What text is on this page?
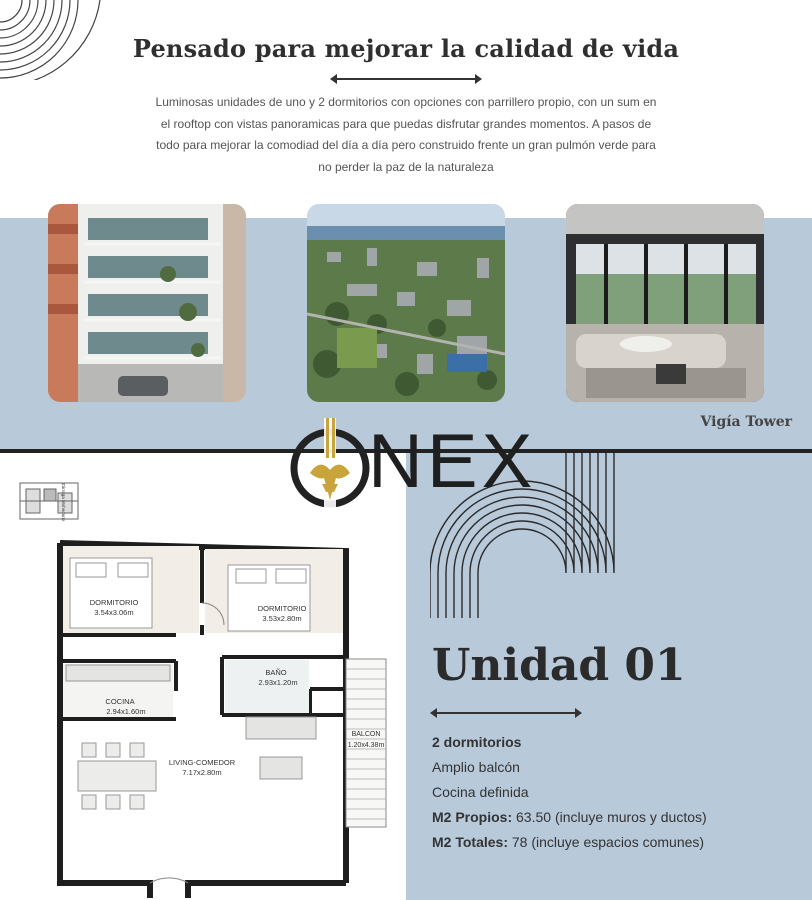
Pensado para mejorar la calidad de vida
Luminosas unidades de uno y 2 dormitorios con opciones con parrillero propio, con un sum en
el rooftop con vistas panoramicas para que puedas disfrutar grandes momentos. A pasos de
todo para mejorar la comodiad del día a día pero construido frente un gran pulmón verde para
no perder la paz de la naturaleza
Vigía Tower
NEX
Zárraga Mohedano
DORMITORIO
3.54x3.06m	DORMITORIO
3.53x2.80m
BAÑO
2.93x1.20m
COCINA
2.94x1.60m
BALCON
1.20x4.38m
LIVING-COMEDOR
7.17x2.80m
Unidad 01
2 dormitorios
Amplio balcón
Cocina definida
M2 Propios: 63.50 (incluye muros y ductos)
M2 Totales: 78 (incluye espacios comunes)
